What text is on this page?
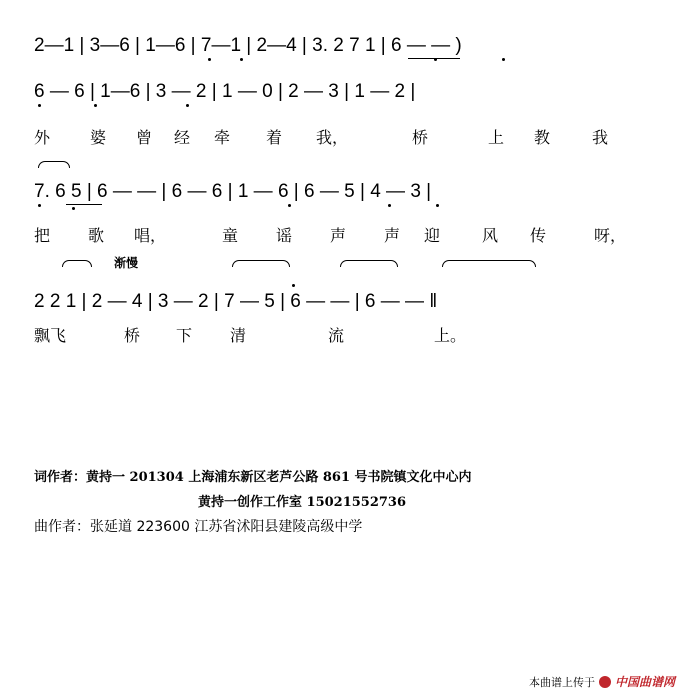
2—1 | 3—6 | 1—6 | 7—1 | 2—4 | 3. 2 7 1 | 6 — — )
6 — 6 | 1—6 | 3 — 2 | 1 — 0 | 2 — 3 | 1 — 2 |
外 婆 曾 经 牵 着 我，	桥	上 教	我
7. 6 5 | 6 — — | 6 — 6 | 1 — 6 | 6 — 5 | 4 — 3 |
把 歌 唱，	童 谣 声 声 迎	风 传	呀，
渐慢
2 2 1 | 2 — 4 | 3 — 2 | 7 — 5 | 6 — — | 6 — — ‖
飘飞	桥 下 清	流	上。
词作者：黄持一 201304 上海浦东新区老芦公路 861 号书院镇文化中心内
黄持一创作工作室 15021552736
曲作者：张延道 223600 江苏省沭阳县建陵高级中学
本曲谱上传于 中国曲谱网
